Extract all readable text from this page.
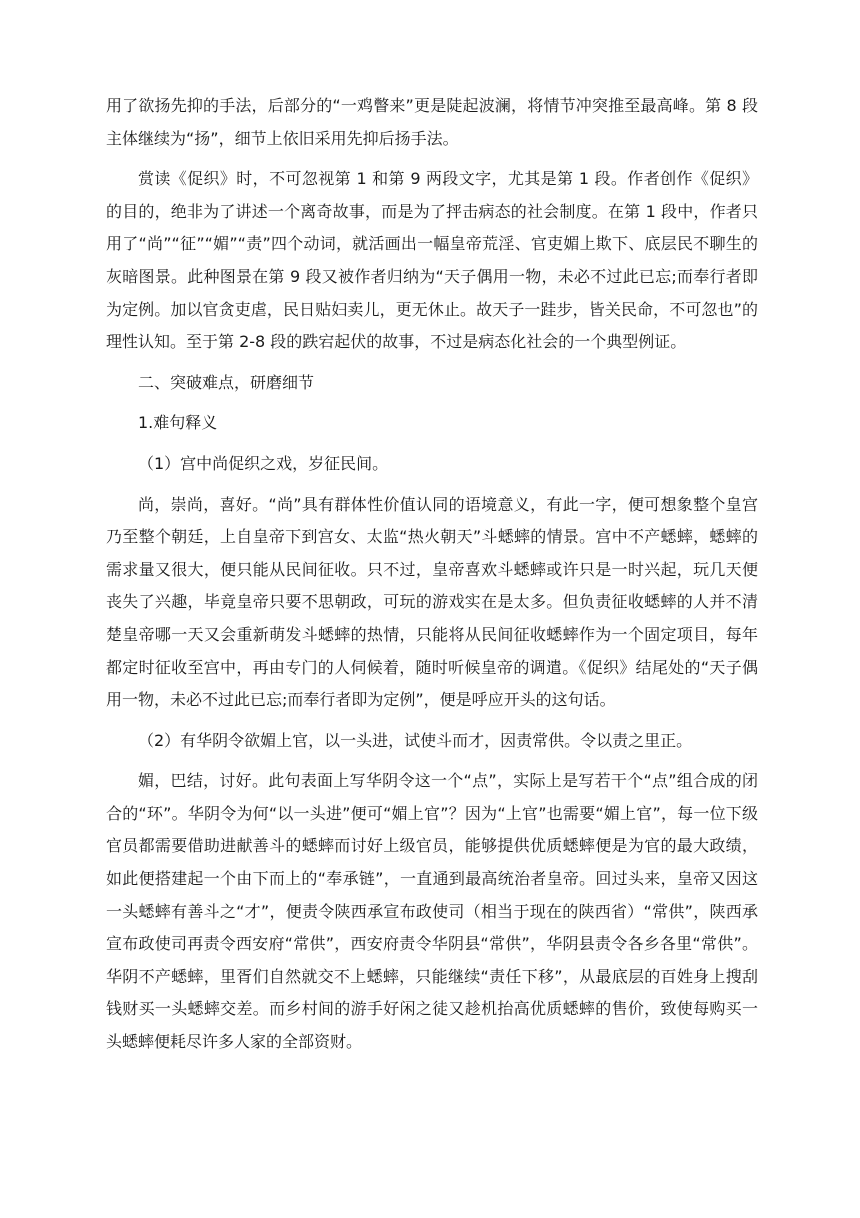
用了欲扬先抑的手法，后部分的“一鸡瞥来”更是陡起波澜，将情节冲突推至最高峰。第 8 段主体继续为“扬”，细节上依旧采用先抑后扬手法。

赏读《促织》时，不可忽视第 1 和第 9 两段文字，尤其是第 1 段。作者创作《促织》的目的，绝非为了讲述一个离奇故事，而是为了抨击病态的社会制度。在第 1 段中，作者只用了“尚”“征”“媚”“责”四个动词，就活画出一幅皇帝荒淫、官吏媚上欺下、底层民不聊生的灰暗图景。此种图景在第 9 段又被作者归纳为“天子偶用一物，未必不过此已忘;而奉行者即为定例。加以官贪吏虐，民日贴妇卖儿，更无休止。故天子一跬步，皆关民命，不可忽也”的理性认知。至于第 2-8 段的跌宕起伏的故事，不过是病态化社会的一个典型例证。

二、突破难点，研磨细节

1.难句释义

（1）宫中尚促织之戏，岁征民间。

尚，崇尚，喜好。“尚”具有群体性价值认同的语境意义，有此一字，便可想象整个皇宫乃至整个朝廷，上自皇帝下到宫女、太监“热火朝天”斗蟋蟀的情景。宫中不产蟋蟀，蟋蟀的需求量又很大，便只能从民间征收。只不过，皇帝喜欢斗蟋蟀或许只是一时兴起，玩几天便丧失了兴趣，毕竟皇帝只要不思朝政，可玩的游戏实在是太多。但负责征收蟋蟀的人并不清楚皇帝哪一天又会重新萌发斗蟋蟀的热情，只能将从民间征收蟋蟀作为一个固定项目，每年都定时征收至宫中，再由专门的人伺候着，随时听候皇帝的调遣。《促织》结尾处的“天子偶用一物，未必不过此已忘;而奉行者即为定例”，便是呼应开头的这句话。

（2）有华阴令欲媚上官，以一头进，试使斗而才，因责常供。令以责之里正。

媚，巴结，讨好。此句表面上写华阴令这一个“点”，实际上是写若干个“点”组合成的闭合的“环”。华阴令为何“以一头进”便可“媚上官”？因为“上官”也需要“媚上官”，每一位下级官员都需要借助进献善斗的蟋蟀而讨好上级官员，能够提供优质蟋蟀便是为官的最大政绩，如此便搭建起一个由下而上的“奉承链”，一直通到最高统治者皇帝。回过头来，皇帝又因这一头蟋蟀有善斗之“才”，便责令陕西承宣布政使司（相当于现在的陕西省）“常供”，陕西承宣布政使司再责令西安府“常供”，西安府责令华阴县“常供”，华阴县责令各乡各里“常供”。华阴不产蟋蟀，里胥们自然就交不上蟋蟀，只能继续“责任下移”，从最底层的百姓身上搜刮钱财买一头蟋蟀交差。而乡村间的游手好闲之徒又趁机抬高优质蟋蟀的售价，致使每购买一头蟋蟀便耗尽许多人家的全部资财。
